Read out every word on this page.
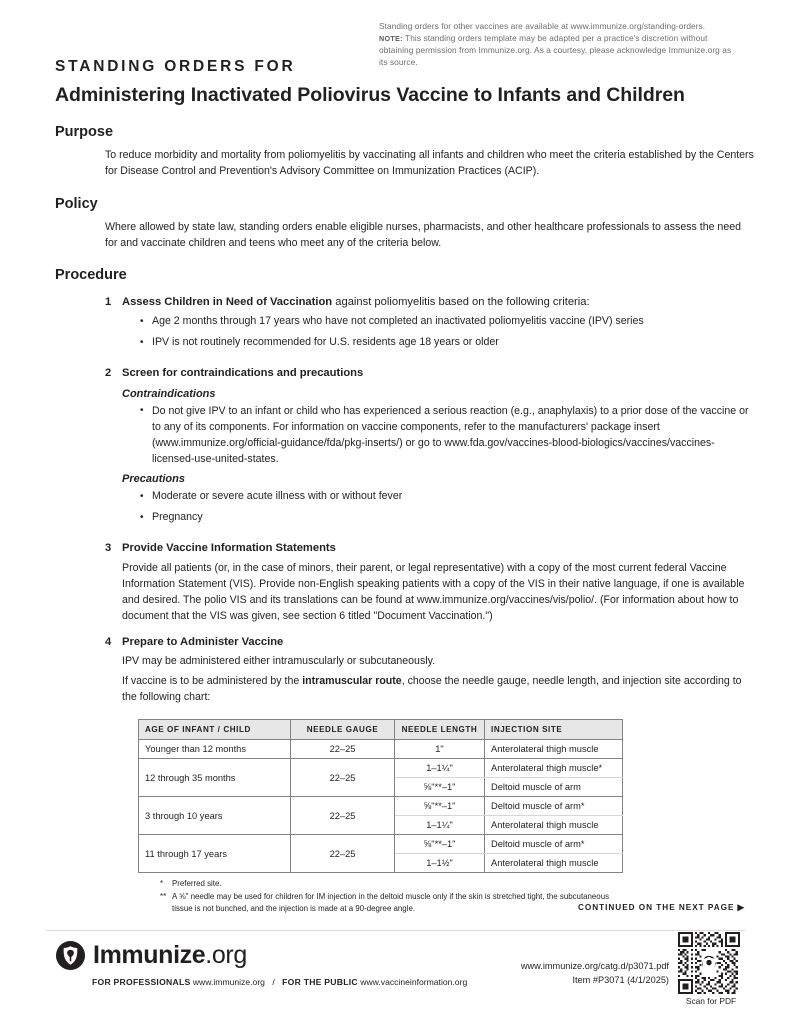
Standing orders for other vaccines are available at www.immunize.org/standing-orders.
NOTE: This standing orders template may be adapted per a practice's discretion without obtaining permission from Immunize.org. As a courtesy, please acknowledge Immunize.org as its source.
STANDING ORDERS FOR
Administering Inactivated Poliovirus Vaccine to Infants and Children
Purpose

To reduce morbidity and mortality from poliomyelitis by vaccinating all infants and children who meet the criteria established by the Centers for Disease Control and Prevention's Advisory Committee on Immunization Practices (ACIP).

Policy

Where allowed by state law, standing orders enable eligible nurses, pharmacists, and other healthcare professionals to assess the need for and vaccinate children and teens who meet any of the criteria below.

Procedure
1 Assess Children in Need of Vaccination against poliomyelitis based on the following criteria:
• Age 2 months through 17 years who have not completed an inactivated poliomyelitis vaccine (IPV) series
• IPV is not routinely recommended for U.S. residents age 18 years or older
2 Screen for contraindications and precautions
Contraindications
• Do not give IPV to an infant or child who has experienced a serious reaction (e.g., anaphylaxis) to a prior dose of the vaccine or to any of its components. For information on vaccine components, refer to the manufacturers' package insert (www.immunize.org/official-guidance/fda/pkg-inserts/) or go to www.fda.gov/vaccines-blood-biologics/vaccines/vaccines-licensed-use-united-states.
Precautions
• Moderate or severe acute illness with or without fever
• Pregnancy
3 Provide Vaccine Information Statements

Provide all patients (or, in the case of minors, their parent, or legal representative) with a copy of the most current federal Vaccine Information Statement (VIS). Provide non-English speaking patients with a copy of the VIS in their native language, if one is available and desired. The polio VIS and its translations can be found at www.immunize.org/vaccines/vis/polio/. (For information about how to document that the VIS was given, see section 6 titled "Document Vaccination.")

4 Prepare to Administer Vaccine

IPV may be administered either intramuscularly or subcutaneously.

If vaccine is to be administered by the intramuscular route, choose the needle gauge, needle length, and injection site according to the following chart:

AGE OF INFANT / CHILD	NEEDLE GAUGE	NEEDLE LENGTH	INJECTION SITE
Younger than 12 months	22–25	1"	Anterolateral thigh muscle
12 through 35 months	22–25	1–1¼"	Anterolateral thigh muscle*
		⅝"**–1"	Deltoid muscle of arm
3 through 10 years	22–25	⅝"**–1"	Deltoid muscle of arm*
		1–1¼"	Anterolateral thigh muscle
11 through 17 years	22–25	⅝"**–1"	Deltoid muscle of arm*
		1–1½"	Anterolateral thigh muscle
*	Preferred site.
** A ⅝" needle may be used for children for IM injection in the deltoid muscle only if the skin is stretched tight, the subcutaneous tissue is not bunched, and the injection is made at a 90-degree angle.	CONTINUED ON THE NEXT PAGE ▶
Immunize.org
FOR PROFESSIONALS www.immunize.org / FOR THE PUBLIC www.vaccineinformation.org
www.immunize.org/catg.d/p3071.pdf
Item #P3071 (4/1/2025)
Scan for PDF
